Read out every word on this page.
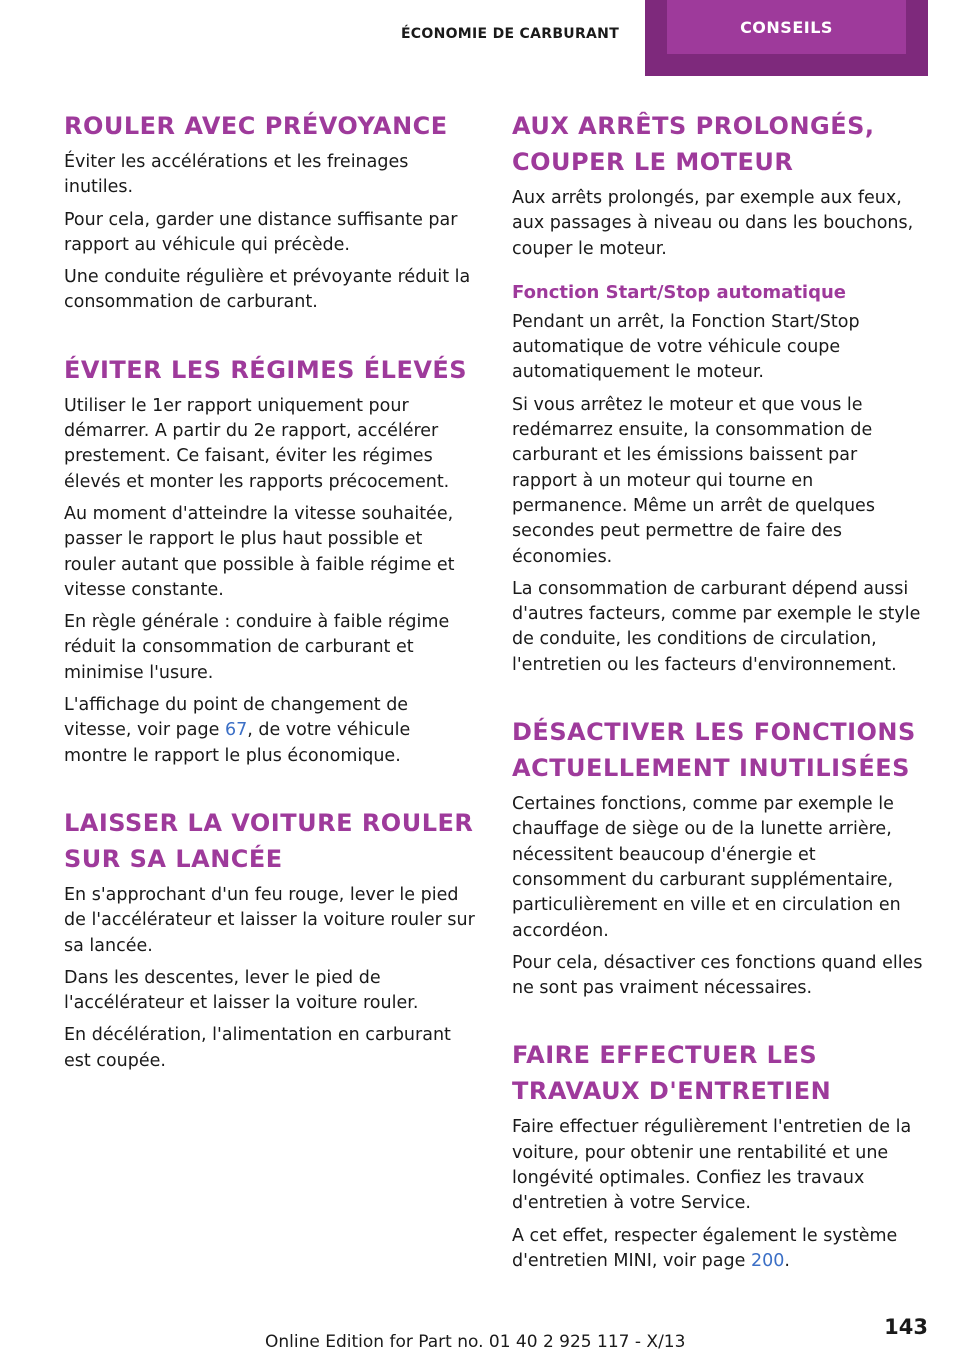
ÉCONOMIE DE CARBURANT	CONSEILS
ROULER AVEC PRÉVOYANCE

Éviter les accélérations et les freinages inutiles.

Pour cela, garder une distance suffisante par rapport au véhicule qui précède.

Une conduite régulière et prévoyante réduit la consommation de carburant.

ÉVITER LES RÉGIMES ÉLEVÉS

Utiliser le 1er rapport uniquement pour démarrer. A partir du 2e rapport, accélérer prestement. Ce faisant, éviter les régimes élevés et monter les rapports précocement.

Au moment d'atteindre la vitesse souhaitée, passer le rapport le plus haut possible et rouler autant que possible à faible régime et vitesse constante.

En règle générale : conduire à faible régime réduit la consommation de carburant et minimise l'usure.

L'affichage du point de changement de vitesse, voir page 67, de votre véhicule montre le rapport le plus économique.

LAISSER LA VOITURE ROULER SUR SA LANCÉE

En s'approchant d'un feu rouge, lever le pied de l'accélérateur et laisser la voiture rouler sur sa lancée.

Dans les descentes, lever le pied de l'accélérateur et laisser la voiture rouler.

En décélération, l'alimentation en carburant est coupée.

AUX ARRÊTS PROLONGÉS, COUPER LE MOTEUR

Aux arrêts prolongés, par exemple aux feux, aux passages à niveau ou dans les bouchons, couper le moteur.

Fonction Start/Stop automatique

Pendant un arrêt, la Fonction Start/Stop automatique de votre véhicule coupe automatiquement le moteur.

Si vous arrêtez le moteur et que vous le redémarrez ensuite, la consommation de carburant et les émissions baissent par rapport à un moteur qui tourne en permanence. Même un arrêt de quelques secondes peut permettre de faire des économies.

La consommation de carburant dépend aussi d'autres facteurs, comme par exemple le style de conduite, les conditions de circulation, l'entretien ou les facteurs d'environnement.

DÉSACTIVER LES FONCTIONS ACTUELLEMENT INUTILISÉES

Certaines fonctions, comme par exemple le chauffage de siège ou de la lunette arrière, nécessitent beaucoup d'énergie et consomment du carburant supplémentaire, particulièrement en ville et en circulation en accordéon.

Pour cela, désactiver ces fonctions quand elles ne sont pas vraiment nécessaires.

FAIRE EFFECTUER LES TRAVAUX D'ENTRETIEN

Faire effectuer régulièrement l'entretien de la voiture, pour obtenir une rentabilité et une longévité optimales. Confiez les travaux d'entretien à votre Service.

A cet effet, respecter également le système d'entretien MINI, voir page 200.

143
Online Edition for Part no. 01 40 2 925 117 - X/13
